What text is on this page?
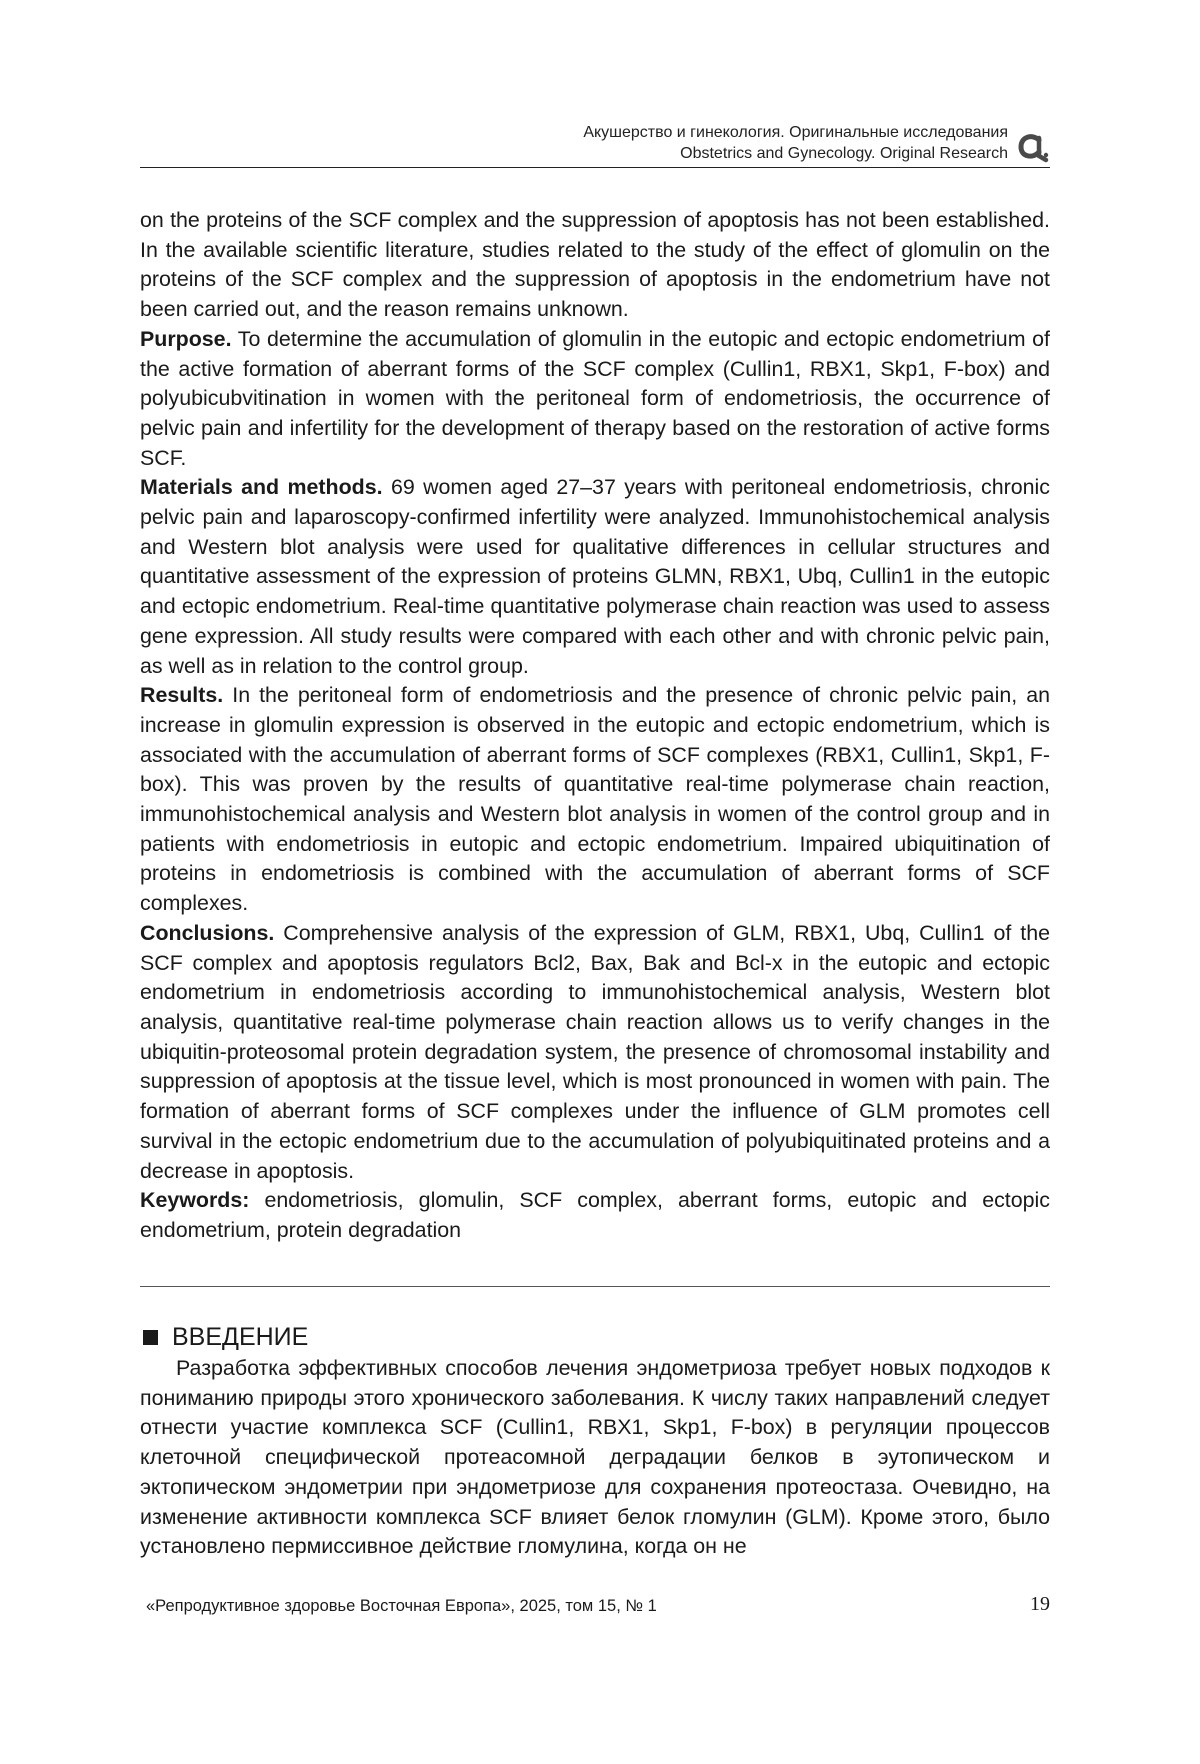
Акушерство и гинекология. Оригинальные исследования
Obstetrics and Gynecology. Original Research

on the proteins of the SCF complex and the suppression of apoptosis has not been established. In the available scientific literature, studies related to the study of the effect of glomulin on the proteins of the SCF complex and the suppression of apoptosis in the endometrium have not been carried out, and the reason remains unknown.

Purpose. To determine the accumulation of glomulin in the eutopic and ectopic endometrium of the active formation of aberrant forms of the SCF complex (Cullin1, RBX1, Skp1, F-box) and polyubicubvitination in women with the peritoneal form of endometriosis, the occurrence of pelvic pain and infertility for the development of therapy based on the restoration of active forms SCF.

Materials and methods. 69 women aged 27–37 years with peritoneal endometriosis, chronic pelvic pain and laparoscopy-confirmed infertility were analyzed. Immunohistochemical analysis and Western blot analysis were used for qualitative differences in cellular structures and quantitative assessment of the expression of proteins GLMN, RBX1, Ubq, Cullin1 in the eutopic and ectopic endometrium. Real-time quantitative polymerase chain reaction was used to assess gene expression. All study results were compared with each other and with chronic pelvic pain, as well as in relation to the control group.

Results. In the peritoneal form of endometriosis and the presence of chronic pelvic pain, an increase in glomulin expression is observed in the eutopic and ectopic endometrium, which is associated with the accumulation of aberrant forms of SCF complexes (RBX1, Cullin1, Skp1, F-box). This was proven by the results of quantitative real-time polymerase chain reaction, immunohistochemical analysis and Western blot analysis in women of the control group and in patients with endometriosis in eutopic and ectopic endometrium. Impaired ubiquitination of proteins in endometriosis is combined with the accumulation of aberrant forms of SCF complexes.

Conclusions. Comprehensive analysis of the expression of GLM, RBX1, Ubq, Cullin1 of the SCF complex and apoptosis regulators Bcl2, Bax, Bak and Bcl-x in the eutopic and ectopic endometrium in endometriosis according to immunohistochemical analysis, Western blot analysis, quantitative real-time polymerase chain reaction allows us to verify changes in the ubiquitin-proteosomal protein degradation system, the presence of chromosomal instability and suppression of apoptosis at the tissue level, which is most pronounced in women with pain. The formation of aberrant forms of SCF complexes under the influence of GLM promotes cell survival in the ectopic endometrium due to the accumulation of polyubiquitinated proteins and a decrease in apoptosis.

Keywords: endometriosis, glomulin, SCF complex, aberrant forms, eutopic and ectopic endometrium, protein degradation

ВВЕДЕНИЕ

Разработка эффективных способов лечения эндометриоза требует новых подходов к пониманию природы этого хронического заболевания. К числу таких направлений следует отнести участие комплекса SCF (Cullin1, RBX1, Skp1, F-box) в регуляции процессов клеточной специфической протеасомной деградации белков в эутопическом и эктопическом эндометрии при эндометриозе для сохранения протеостаза. Очевидно, на изменение активности комплекса SCF влияет белок гломулин (GLM). Кроме этого, было установлено пермиссивное действие гломулина, когда он не

«Репродуктивное здоровье Восточная Европа», 2025, том 15, № 1	19
